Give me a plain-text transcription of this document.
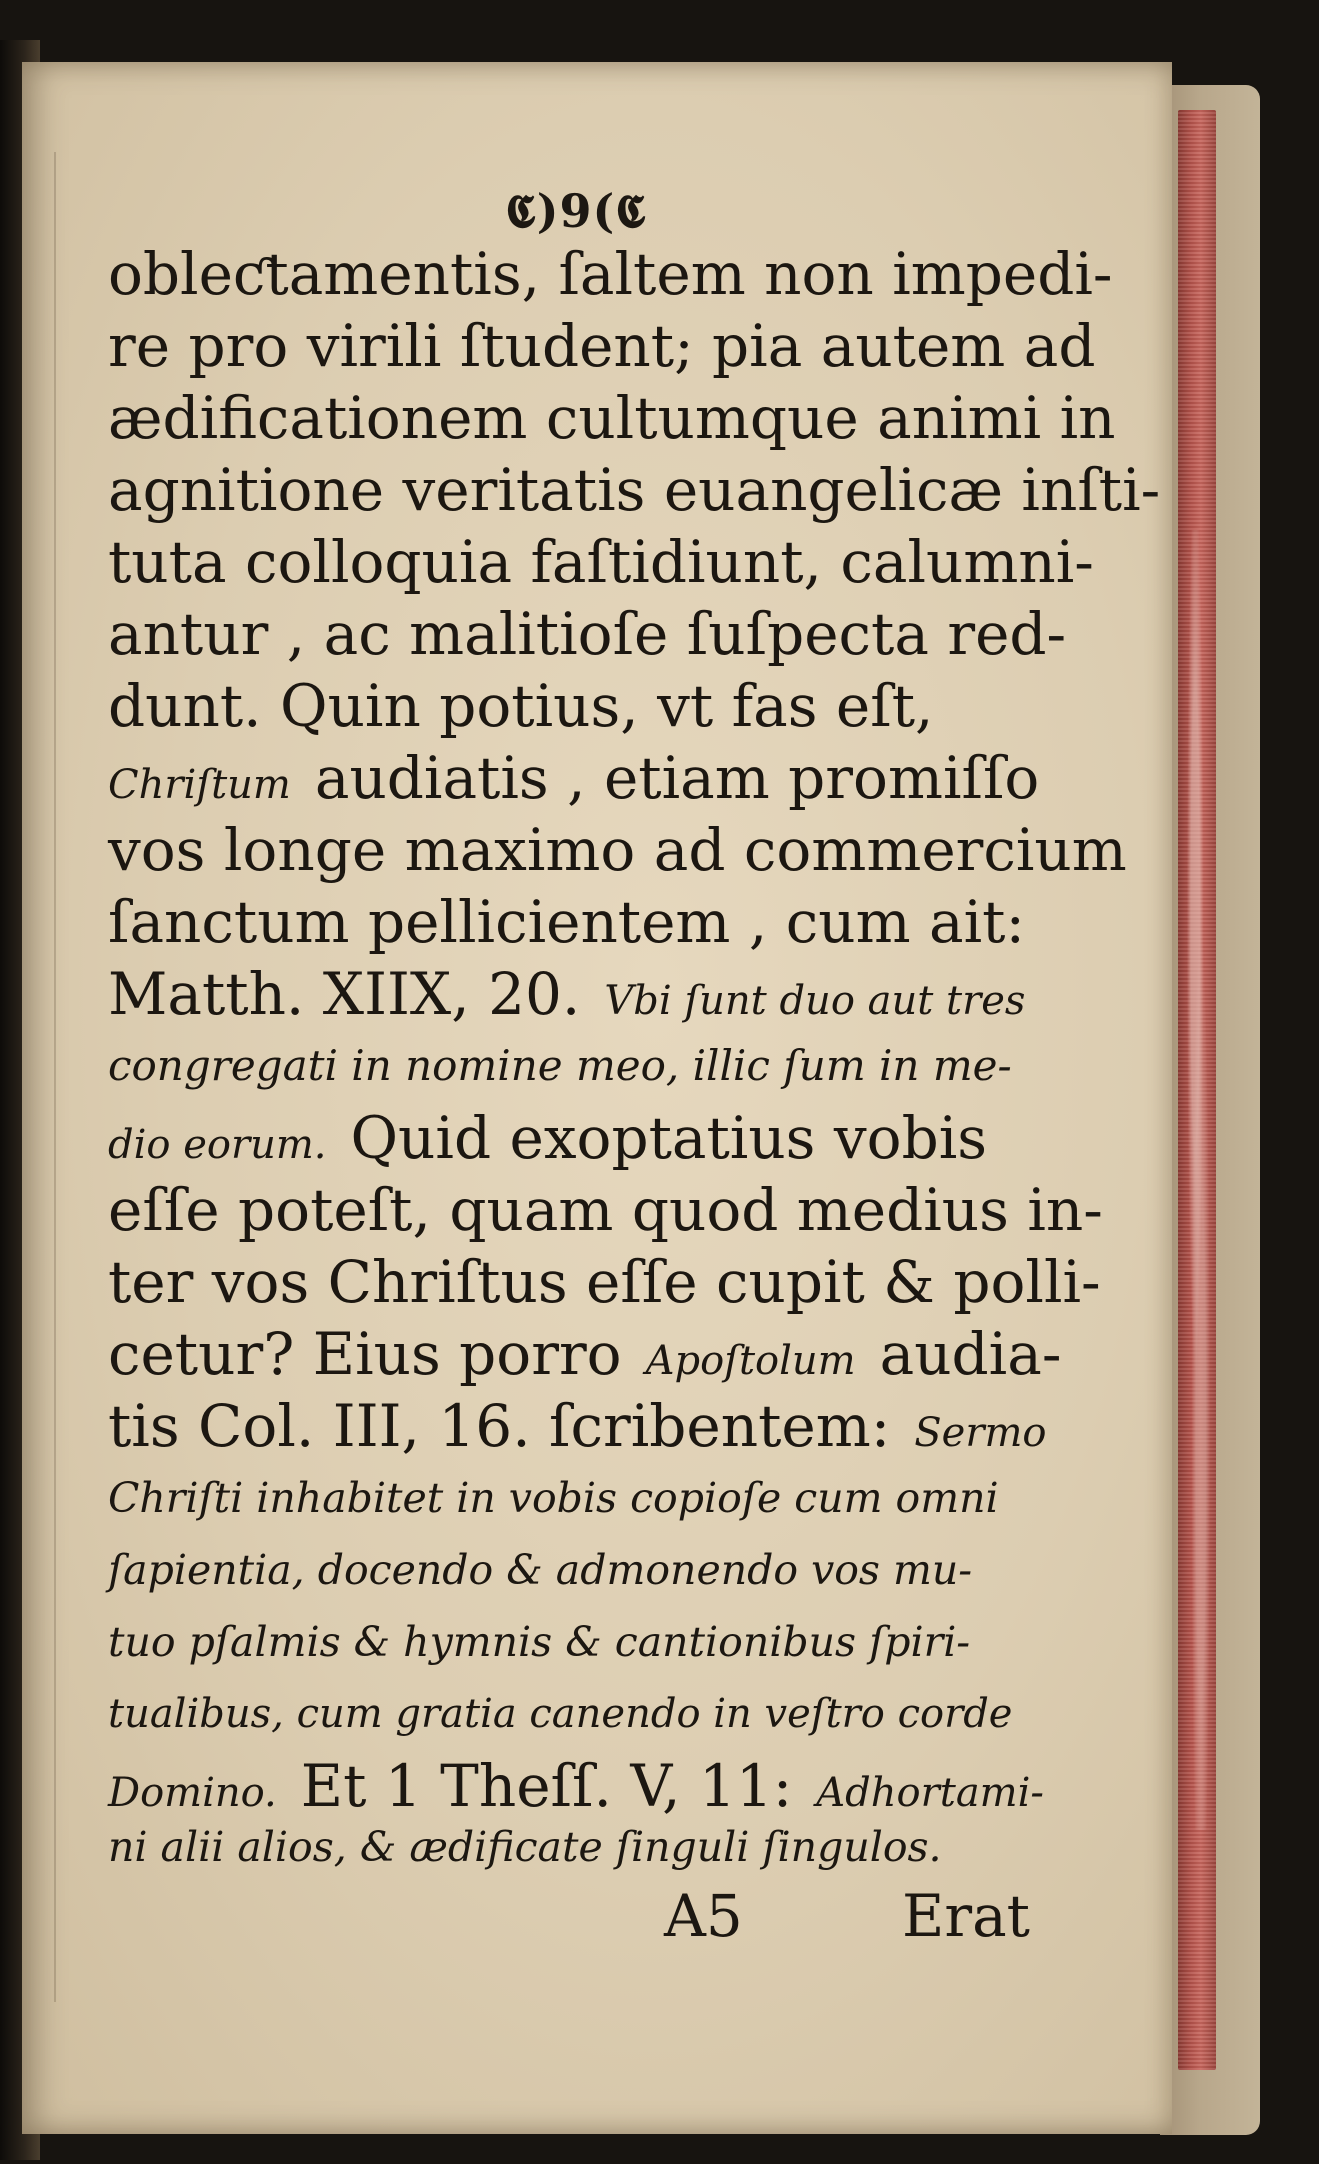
𝕮)9(𝕮
obleƈtamentis, ſaltem non impedi-
re pro virili ſtudent; pia autem ad
ædificationem cultumque animi in
agnitione veritatis euangelicæ inſti-
tuta colloquia faſtidiunt, calumni-
antur , ac malitioſe ſuſpecta red-
dunt. Quin potius, vt fas eſt,
Chriſtum audiatis , etiam promiſſo
vos longe maximo ad commercium
ſanctum pellicientem , cum ait:
Matth. XIIX, 20. Vbi ſunt duo aut tres
congregati in nomine meo, illic ſum in me-
dio eorum. Quid exoptatius vobis
eſſe poteſt, quam quod medius in-
ter vos Chriſtus eſſe cupit & polli-
cetur? Eius porro Apoſtolum audia-
tis Col. III, 16. ſcribentem: Sermo
Chriſti inhabitet in vobis copioſe cum omni
ſapientia, docendo & admonendo vos mu-
tuo pſalmis & hymnis & cantionibus ſpiri-
tualibus, cum gratia canendo in veſtro corde
Domino. Et 1 Theſſ. V, 11: Adhortami-
ni alii alios, & ædificate ſinguli ſingulos.
A5	Erat
